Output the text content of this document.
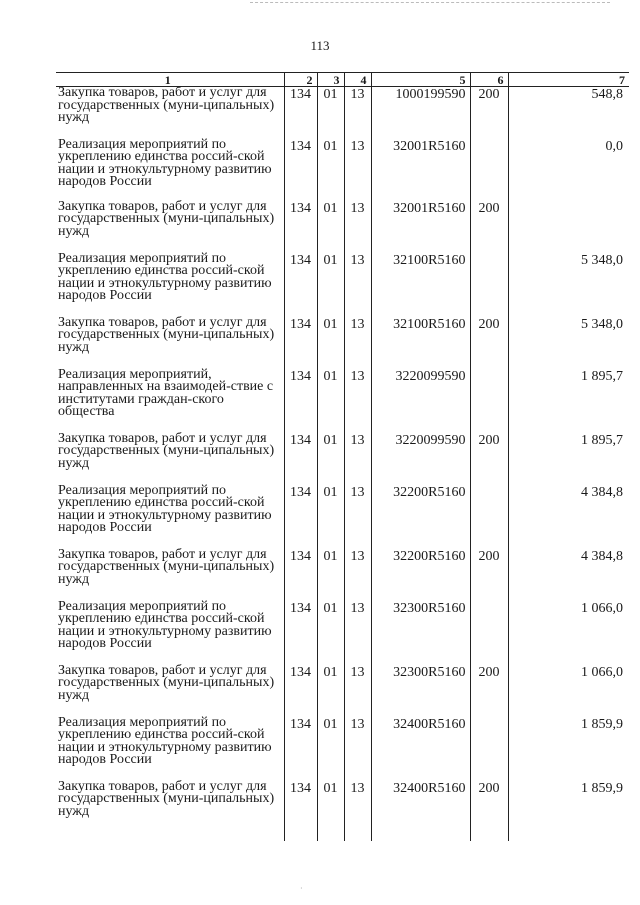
113
1	2	3	4	5	6	7
Закупка товаров, работ и услуг для государственных (муни-ципальных) нужд	134	01	13	1000199590	200	548,8
Реализация мероприятий по укреплению единства россий-ской нации и этнокультурному развитию народов России	134	01	13	32001R5160		0,0
Закупка товаров, работ и услуг для государственных (муни-ципальных) нужд	134	01	13	32001R5160	200	
Реализация мероприятий по укреплению единства россий-ской нации и этнокультурному развитию народов России	134	01	13	32100R5160		5 348,0
Закупка товаров, работ и услуг для государственных (муни-ципальных) нужд	134	01	13	32100R5160	200	5 348,0
Реализация мероприятий, направленных на взаимодей-ствие с институтами граждан-ского общества	134	01	13	3220099590		1 895,7
Закупка товаров, работ и услуг для государственных (муни-ципальных) нужд	134	01	13	3220099590	200	1 895,7
Реализация мероприятий по укреплению единства россий-ской нации и этнокультурному развитию народов России	134	01	13	32200R5160		4 384,8
Закупка товаров, работ и услуг для государственных (муни-ципальных) нужд	134	01	13	32200R5160	200	4 384,8
Реализация мероприятий по укреплению единства россий-ской нации и этнокультурному развитию народов России	134	01	13	32300R5160		1 066,0
Закупка товаров, работ и услуг для государственных (муни-ципальных) нужд	134	01	13	32300R5160	200	1 066,0
Реализация мероприятий по укреплению единства россий-ской нации и этнокультурному развитию народов России	134	01	13	32400R5160		1 859,9
Закупка товаров, работ и услуг для государственных (муни-ципальных) нужд	134	01	13	32400R5160	200	1 859,9
·
